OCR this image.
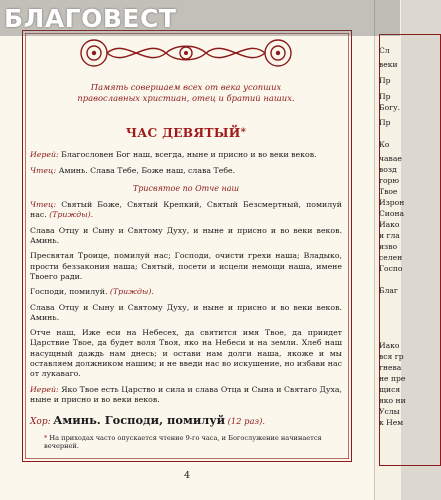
Память совершаем всех от века усопших
православных христиан, отец и братий наших.

ЧАС ДЕВЯТЫЙ*

Иерей: Благословен Бог наш, всегда, ныне и присно и во веки веков.

Чтец: Аминь. Слава Тебе, Боже наш, слава Тебе.

Трисвятое по Отче наш

Чтец: Святый Боже, Святый Крепкий, Святый Безсмертный, помилуй нас. (Трижды).

Слава Отцу и Сыну и Святому Духу, и ныне и присно и во веки веков. Аминь.

Пресвятая Троице, помилуй нас; Господи, очисти грехи наша; Владыко, прости беззакония наша; Святый, посети и исцели немощи наша, имене Твоего ради.

Господи, помилуй. (Трижды).

Слава Отцу и Сыну и Святому Духу, и ныне и присно и во веки веков. Аминь.

Отче наш, Иже еси на Небесех, да святится имя Твое, да приидет Царствие Твое, да будет воля Твоя, яко на Небеси и на земли. Хлеб наш насущный даждь нам днесь; и остави нам долги наша, якоже и мы оставляем должником нашим; и не введи нас во искушение, но избави нас от лукаваго.

Иерей: Яко Твое есть Царство и сила и слава Отца и Сына и Святаго Духа, ныне и присно и во веки веков.

Хор: Аминь. Господи, помилуй (12 раз).

* На приходах часто опускается чтение 9-го часа, и Богослужение начинается вечерней.

4
Сл
веки
Пр
Пр
Богу.
Пр
Ко
чавае
возд
горю
Твое
Изрон
Сиона
Иако
и гла
изво
селен
Госпо
Благ
Иако
вся гр
гнева
не пре
щися
яко ни
Услы
к Нем
БЛАГОВЕСТ
